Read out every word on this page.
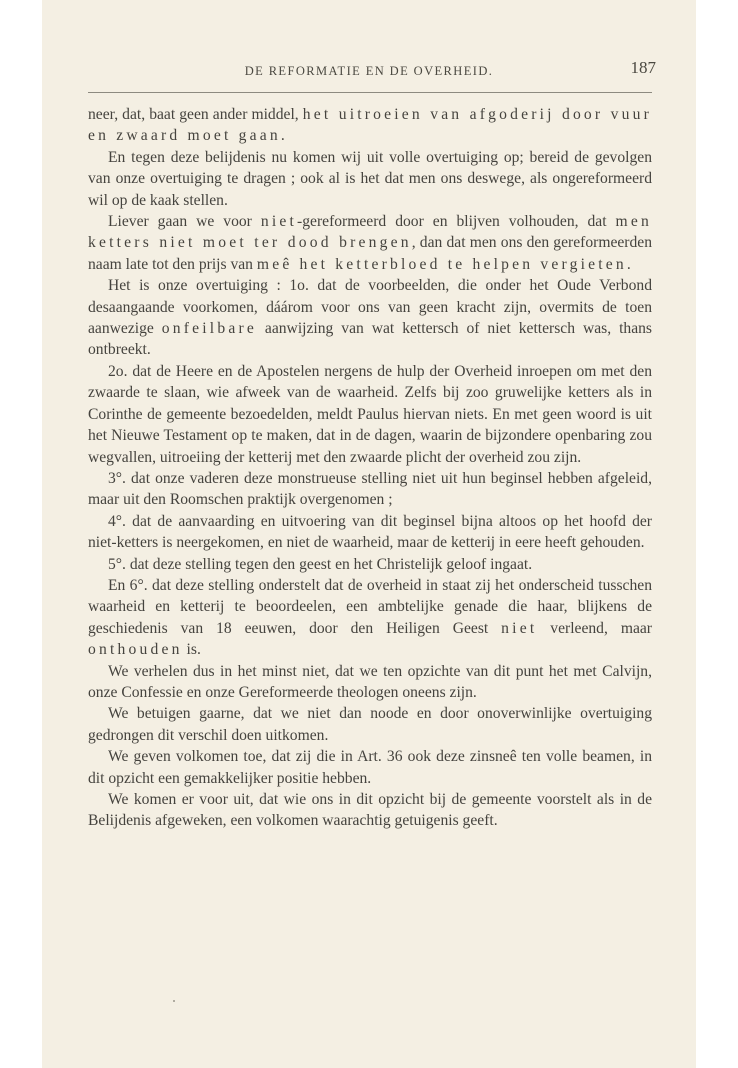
DE REFORMATIE EN DE OVERHEID.	187

neer, dat, baat geen ander middel, het uitroeien van afgoderij door vuur en zwaard moet gaan.

En tegen deze belijdenis nu komen wij uit volle overtuiging op; bereid de gevolgen van onze overtuiging te dragen ; ook al is het dat men ons deswege, als ongereformeerd wil op de kaak stellen.

Liever gaan we voor niet-gereformeerd door en blijven volhouden, dat men ketters niet moet ter dood brengen, dan dat men ons den gereformeerden naam late tot den prijs van meê het ketterbloed te helpen vergieten.

Het is onze overtuiging : 1o. dat de voorbeelden, die onder het Oude Verbond desaangaande voorkomen, dáárom voor ons van geen kracht zijn, overmits de toen aanwezige onfeilbare aanwijzing van wat kettersch of niet kettersch was, thans ontbreekt.

2o. dat de Heere en de Apostelen nergens de hulp der Overheid inroepen om met den zwaarde te slaan, wie afweek van de waarheid. Zelfs bij zoo gruwelijke ketters als in Corinthe de gemeente bezoedelden, meldt Paulus hiervan niets. En met geen woord is uit het Nieuwe Testament op te maken, dat in de dagen, waarin de bijzondere openbaring zou wegvallen, uitroeiing der ketterij met den zwaarde plicht der overheid zou zijn.

3°. dat onze vaderen deze monstrueuse stelling niet uit hun beginsel hebben afgeleid, maar uit den Roomschen praktijk overgenomen ;

4°. dat de aanvaarding en uitvoering van dit beginsel bijna altoos op het hoofd der niet-ketters is neergekomen, en niet de waarheid, maar de ketterij in eere heeft gehouden.

5°. dat deze stelling tegen den geest en het Christelijk geloof ingaat.

En 6°. dat deze stelling onderstelt dat de overheid in staat zij het onderscheid tusschen waarheid en ketterij te beoordeelen, een ambtelijke genade die haar, blijkens de geschiedenis van 18 eeuwen, door den Heiligen Geest niet verleend, maar onthouden is.

We verhelen dus in het minst niet, dat we ten opzichte van dit punt het met Calvijn, onze Confessie en onze Gereformeerde theologen oneens zijn.

We betuigen gaarne, dat we niet dan noode en door onoverwinlijke overtuiging gedrongen dit verschil doen uitkomen.

We geven volkomen toe, dat zij die in Art. 36 ook deze zinsneê ten volle beamen, in dit opzicht een gemakkelijker positie hebben.

We komen er voor uit, dat wie ons in dit opzicht bij de gemeente voorstelt als in de Belijdenis afgeweken, een volkomen waarachtig getuigenis geeft.
